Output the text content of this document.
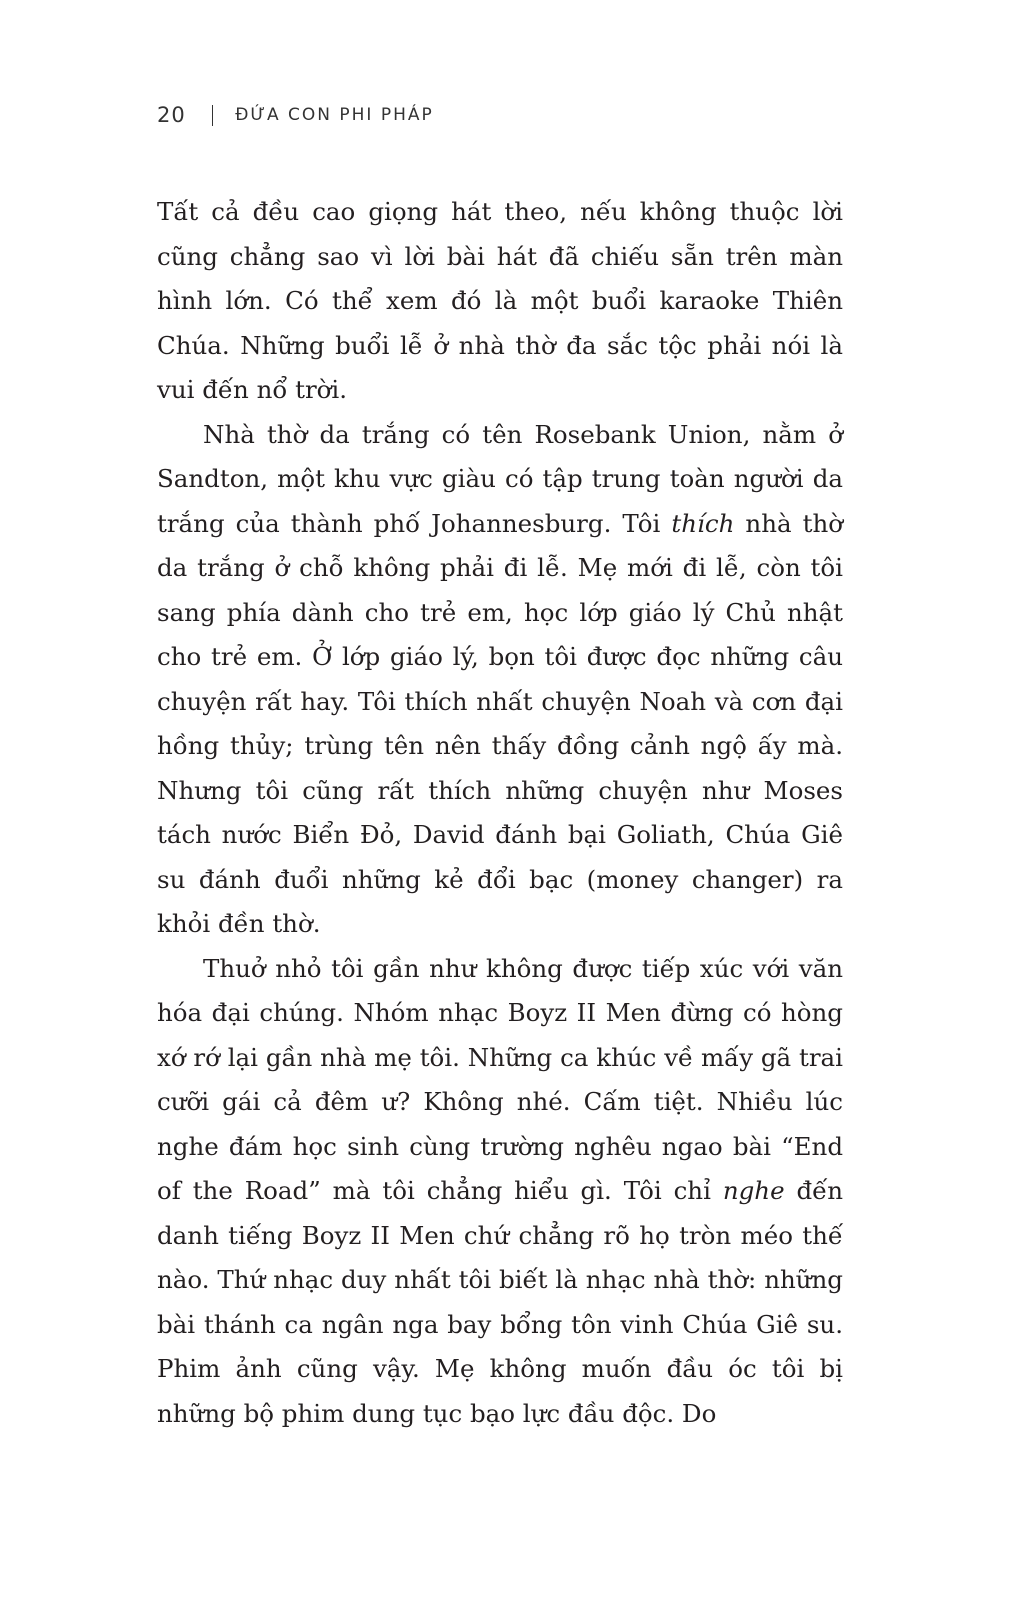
20	ĐỨA CON PHI PHÁP

Tất cả đều cao giọng hát theo, nếu không thuộc lời cũng chẳng sao vì lời bài hát đã chiếu sẵn trên màn hình lớn. Có thể xem đó là một buổi karaoke Thiên Chúa. Những buổi lễ ở nhà thờ đa sắc tộc phải nói là vui đến nổ trời.

Nhà thờ da trắng có tên Rosebank Union, nằm ở Sandton, một khu vực giàu có tập trung toàn người da trắng của thành phố Johannesburg. Tôi thích nhà thờ da trắng ở chỗ không phải đi lễ. Mẹ mới đi lễ, còn tôi sang phía dành cho trẻ em, học lớp giáo lý Chủ nhật cho trẻ em. Ở lớp giáo lý, bọn tôi được đọc những câu chuyện rất hay. Tôi thích nhất chuyện Noah và cơn đại hồng thủy; trùng tên nên thấy đồng cảnh ngộ ấy mà. Nhưng tôi cũng rất thích những chuyện như Moses tách nước Biển Đỏ, David đánh bại Goliath, Chúa Giê su đánh đuổi những kẻ đổi bạc (money changer) ra khỏi đền thờ.

Thuở nhỏ tôi gần như không được tiếp xúc với văn hóa đại chúng. Nhóm nhạc Boyz II Men đừng có hòng xớ rớ lại gần nhà mẹ tôi. Những ca khúc về mấy gã trai cưỡi gái cả đêm ư? Không nhé. Cấm tiệt. Nhiều lúc nghe đám học sinh cùng trường nghêu ngao bài “End of the Road” mà tôi chẳng hiểu gì. Tôi chỉ nghe đến danh tiếng Boyz II Men chứ chẳng rõ họ tròn méo thế nào. Thứ nhạc duy nhất tôi biết là nhạc nhà thờ: những bài thánh ca ngân nga bay bổng tôn vinh Chúa Giê su. Phim ảnh cũng vậy. Mẹ không muốn đầu óc tôi bị những bộ phim dung tục bạo lực đầu độc. Do
